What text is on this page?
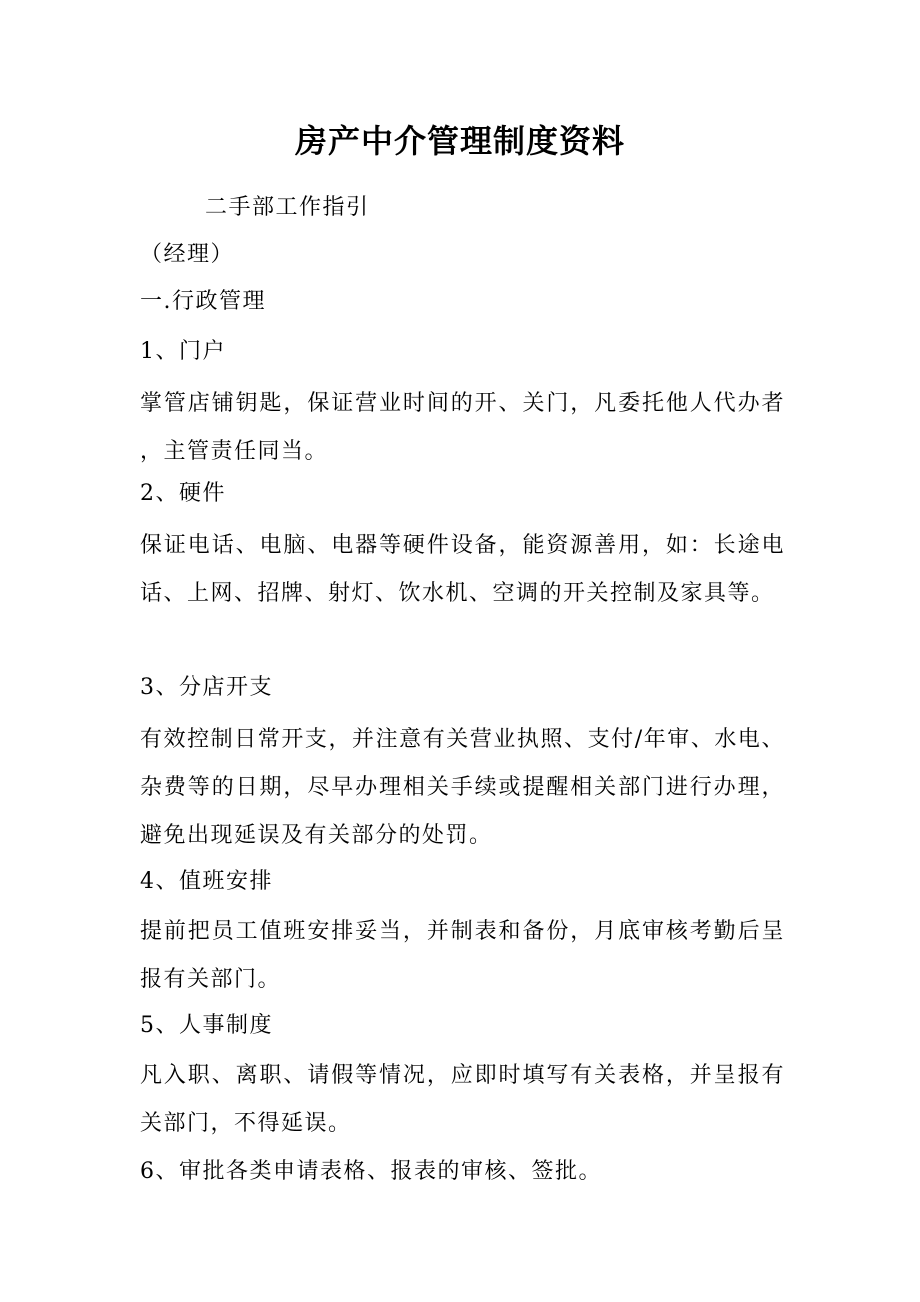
房产中介管理制度资料
二手部工作指引
（经理）
一.行政管理
1、门户
掌管店铺钥匙，保证营业时间的开、关门，凡委托他人代办者，主管责任同当。
2、硬件
保证电话、电脑、电器等硬件设备，能资源善用，如：长途电话、上网、招牌、射灯、饮水机、空调的开关控制及家具等。
3、分店开支
有效控制日常开支，并注意有关营业执照、支付/年审、水电、杂费等的日期，尽早办理相关手续或提醒相关部门进行办理，避免出现延误及有关部分的处罚。
4、值班安排
提前把员工值班安排妥当，并制表和备份，月底审核考勤后呈报有关部门。
5、人事制度
凡入职、离职、请假等情况，应即时填写有关表格，并呈报有关部门，不得延误。
6、审批各类申请表格、报表的审核、签批。
